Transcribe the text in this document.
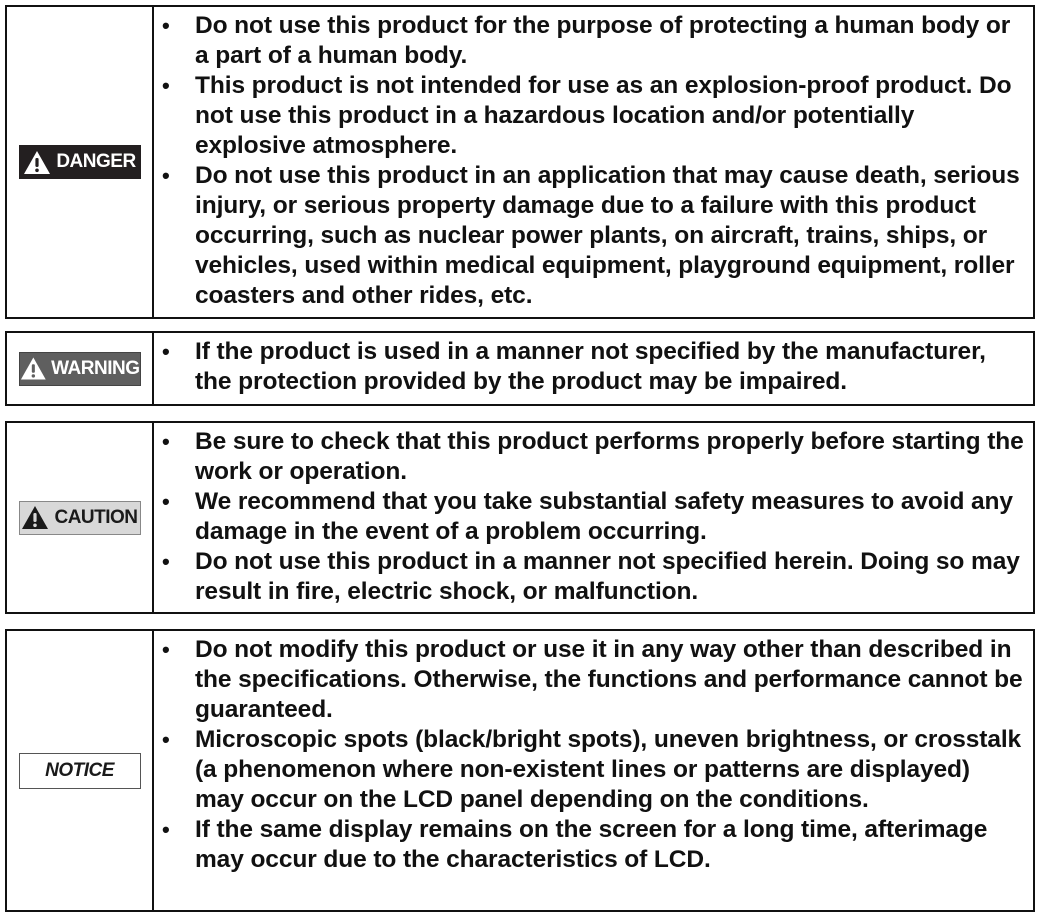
DANGER
• Do not use this product for the purpose of protecting a human body or a part of a human body.
• This product is not intended for use as an explosion-proof product. Do not use this product in a hazardous location and/or potentially explosive atmosphere.
• Do not use this product in an application that may cause death, serious injury, or serious property damage due to a failure with this product occurring, such as nuclear power plants, on aircraft, trains, ships, or vehicles, used within medical equipment, playground equipment, roller coasters and other rides, etc.
WARNING
• If the product is used in a manner not specified by the manufacturer, the protection provided by the product may be impaired.
CAUTION
• Be sure to check that this product performs properly before starting the work or operation.
• We recommend that you take substantial safety measures to avoid any damage in the event of a problem occurring.
• Do not use this product in a manner not specified herein. Doing so may result in fire, electric shock, or malfunction.
NOTICE
• Do not modify this product or use it in any way other than described in the specifications. Otherwise, the functions and performance cannot be guaranteed.
• Microscopic spots (black/bright spots), uneven brightness, or crosstalk (a phenomenon where non-existent lines or patterns are displayed) may occur on the LCD panel depending on the conditions.
• If the same display remains on the screen for a long time, afterimage may occur due to the characteristics of LCD.
